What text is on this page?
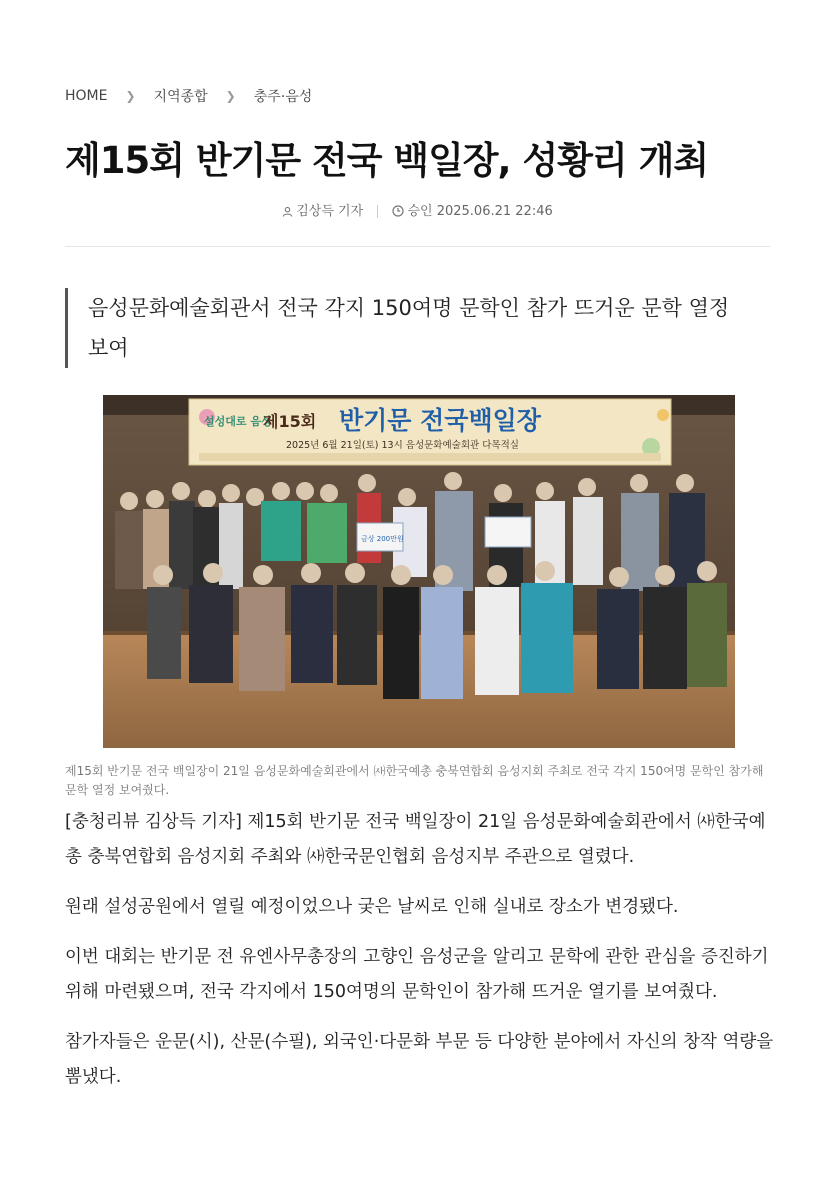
HOME ❯ 지역종합 ❯ 충주·음성
제15회 반기문 전국 백일장, 성황리 개최
김상득 기자	승인 2025.06.21 22:46
음성문화예술회관서 전국 각지 150여명 문학인 참가 뜨거운 문학 열정 보여
설성대로 음성
제15회 반기문 전국백일장
2025년 6월 21일(토) 13시 음성문화예술회관 다목적실
금상 200만원
제15회 반기문 전국 백일장이 21일 음성문화예술회관에서 ㈔한국예총 충북연합회 음성지회 주최로 전국 각지 150여명 문학인 참가해 문학 열정 보여줬다.

[충청리뷰 김상득 기자] 제15회 반기문 전국 백일장이 21일 음성문화예술회관에서 ㈔한국예총 충북연합회 음성지회 주최와 ㈔한국문인협회 음성지부 주관으로 열렸다.

원래 설성공원에서 열릴 예정이었으나 궂은 날씨로 인해 실내로 장소가 변경됐다.

이번 대회는 반기문 전 유엔사무총장의 고향인 음성군을 알리고 문학에 관한 관심을 증진하기 위해 마련됐으며, 전국 각지에서 150여명의 문학인이 참가해 뜨거운 열기를 보여줬다.

참가자들은 운문(시), 산문(수필), 외국인·다문화 부문 등 다양한 분야에서 자신의 창작 역량을 뽐냈다.
